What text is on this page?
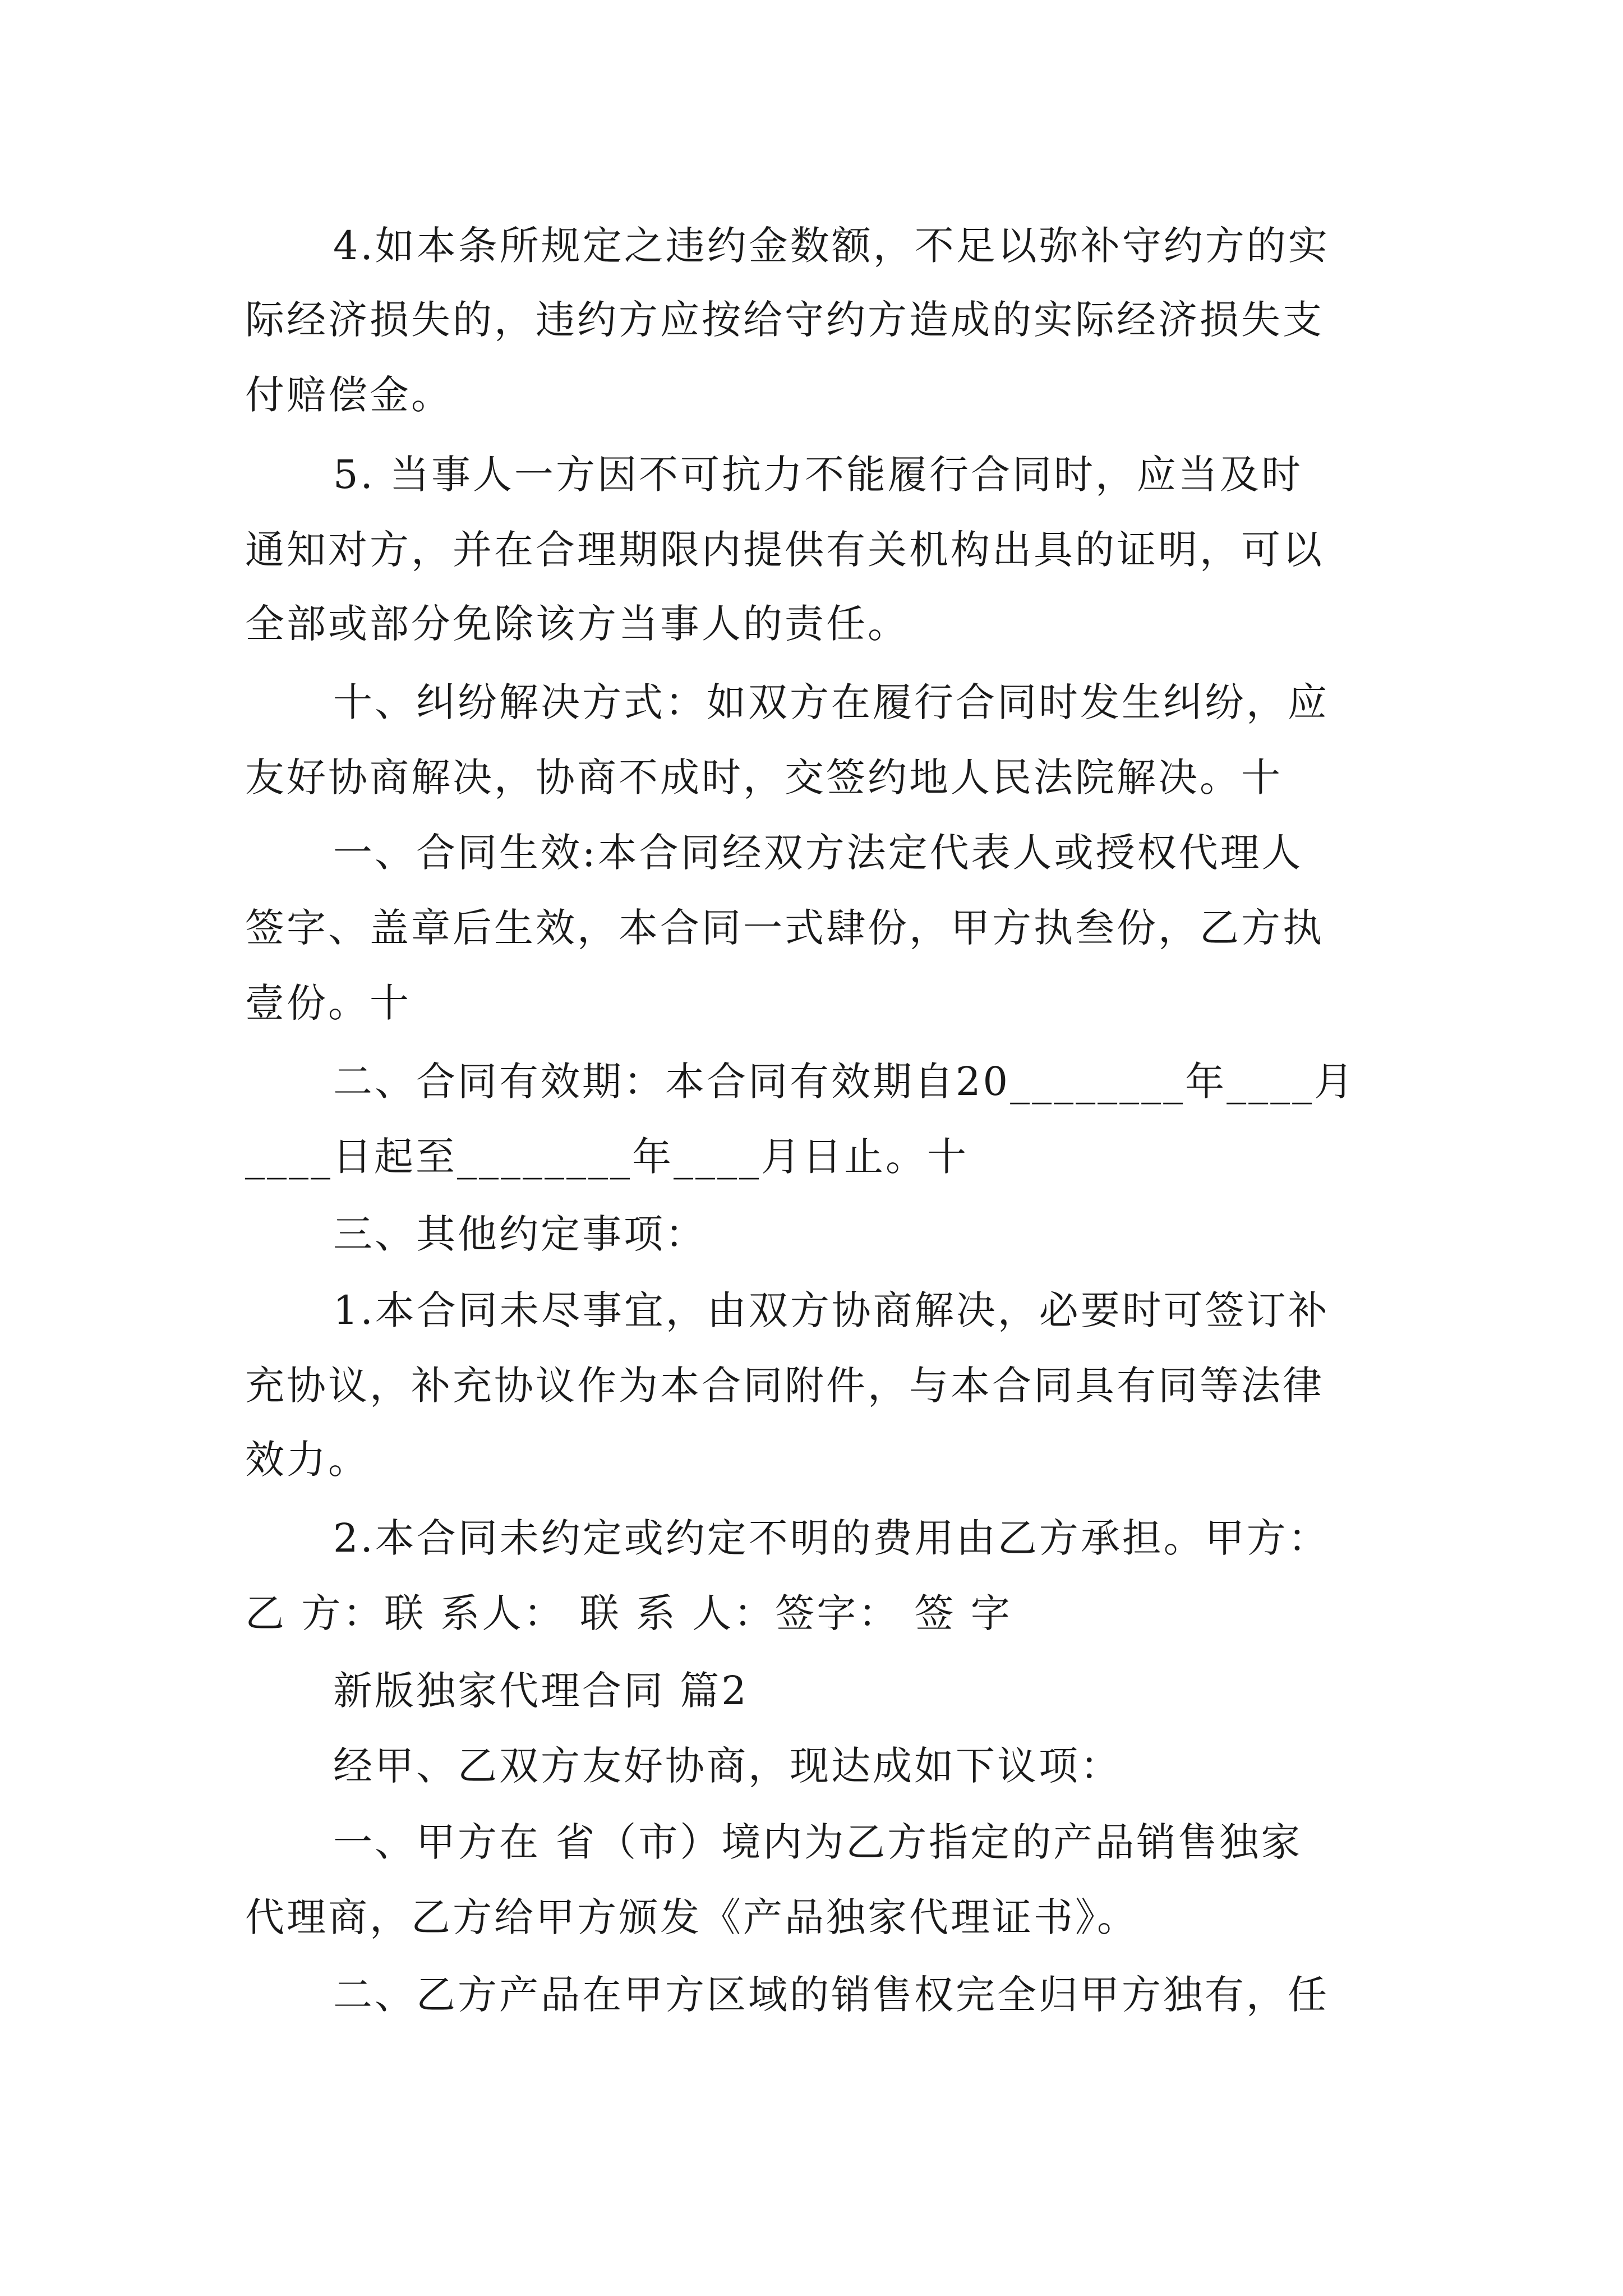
4.如本条所规定之违约金数额，不足以弥补守约方的实
际经济损失的，违约方应按给守约方造成的实际经济损失支
付赔偿金。
5. 当事人一方因不可抗力不能履行合同时，应当及时
通知对方，并在合理期限内提供有关机构出具的证明，可以
全部或部分免除该方当事人的责任。
十、纠纷解决方式：如双方在履行合同时发生纠纷，应
友好协商解决，协商不成时，交签约地人民法院解决。十
一、合同生效:本合同经双方法定代表人或授权代理人
签字、盖章后生效，本合同一式肆份，甲方执叁份，乙方执
壹份。十
二、合同有效期：本合同有效期自20________年____月
____日起至________年____月日止。十
三、其他约定事项：
1.本合同未尽事宜，由双方协商解决，必要时可签订补
充协议，补充协议作为本合同附件，与本合同具有同等法律
效力。
2.本合同未约定或约定不明的费用由乙方承担。甲方：
乙 方：联 系人： 联 系 人：签字： 签 字
新版独家代理合同 篇2
经甲、乙双方友好协商，现达成如下议项：
一、甲方在 省（市）境内为乙方指定的产品销售独家
代理商，乙方给甲方颁发《产品独家代理证书》。
二、乙方产品在甲方区域的销售权完全归甲方独有，任
